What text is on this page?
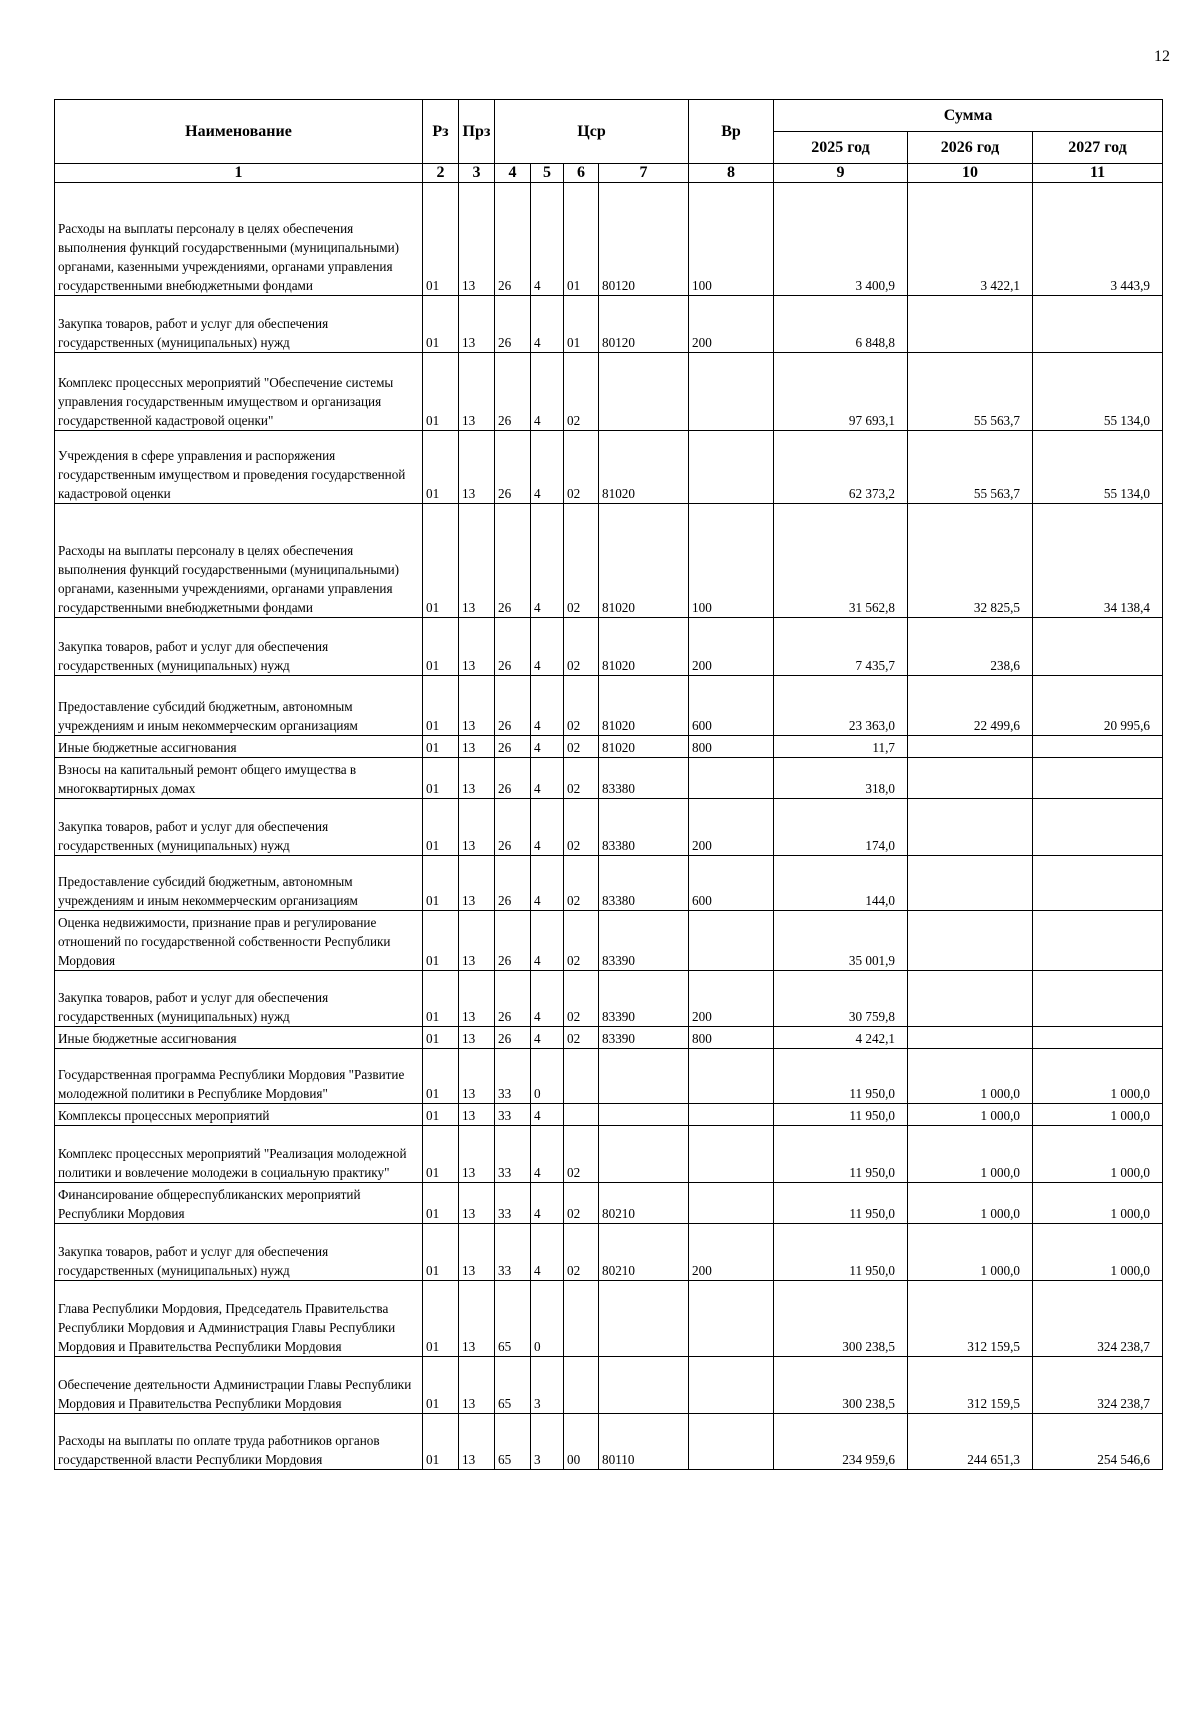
12
Наименование	Рз	Прз	Цср				Вр	Сумма		
								2025 год	2026 год	2027 год
1	2	3	4	5	6	7	8	9	10	11
Расходы на выплаты персоналу в целях обеспечения выполнения функций государственными (муниципальными) органами, казенными учреждениями, органами управления государственными внебюджетными фондами	01	13	26	4	01	80120	100	3 400,9	3 422,1	3 443,9
Закупка товаров, работ и услуг для обеспечения государственных (муниципальных) нужд	01	13	26	4	01	80120	200	6 848,8		
Комплекс процессных мероприятий "Обеспечение системы управления государственным имуществом и организация государственной кадастровой оценки"	01	13	26	4	02			97 693,1	55 563,7	55 134,0
Учреждения в сфере управления и распоряжения государственным имуществом и проведения государственной кадастровой оценки	01	13	26	4	02	81020		62 373,2	55 563,7	55 134,0
Расходы на выплаты персоналу в целях обеспечения выполнения функций государственными (муниципальными) органами, казенными учреждениями, органами управления государственными внебюджетными фондами	01	13	26	4	02	81020	100	31 562,8	32 825,5	34 138,4
Закупка товаров, работ и услуг для обеспечения государственных (муниципальных) нужд	01	13	26	4	02	81020	200	7 435,7	238,6	
Предоставление субсидий бюджетным, автономным учреждениям и иным некоммерческим организациям	01	13	26	4	02	81020	600	23 363,0	22 499,6	20 995,6
Иные бюджетные ассигнования	01	13	26	4	02	81020	800	11,7		
Взносы на капитальный ремонт общего имущества в многоквартирных домах	01	13	26	4	02	83380		318,0		
Закупка товаров, работ и услуг для обеспечения государственных (муниципальных) нужд	01	13	26	4	02	83380	200	174,0		
Предоставление субсидий бюджетным, автономным учреждениям и иным некоммерческим организациям	01	13	26	4	02	83380	600	144,0		
Оценка недвижимости, признание прав и регулирование отношений по государственной собственности Республики Мордовия	01	13	26	4	02	83390		35 001,9		
Закупка товаров, работ и услуг для обеспечения государственных (муниципальных) нужд	01	13	26	4	02	83390	200	30 759,8		
Иные бюджетные ассигнования	01	13	26	4	02	83390	800	4 242,1		
Государственная программа Республики Мордовия "Развитие молодежной политики в Республике Мордовия"	01	13	33	0				11 950,0	1 000,0	1 000,0
Комплексы процессных мероприятий	01	13	33	4				11 950,0	1 000,0	1 000,0
Комплекс процессных мероприятий "Реализация молодежной политики и вовлечение молодежи в социальную практику"	01	13	33	4	02			11 950,0	1 000,0	1 000,0
Финансирование общереспубликанских мероприятий Республики Мордовия	01	13	33	4	02	80210		11 950,0	1 000,0	1 000,0
Закупка товаров, работ и услуг для обеспечения государственных (муниципальных) нужд	01	13	33	4	02	80210	200	11 950,0	1 000,0	1 000,0
Глава Республики Мордовия, Председатель Правительства Республики Мордовия и Администрация Главы Республики Мордовия и Правительства Республики Мордовия	01	13	65	0				300 238,5	312 159,5	324 238,7
Обеспечение деятельности Администрации Главы Республики Мордовия и Правительства Республики Мордовия	01	13	65	3				300 238,5	312 159,5	324 238,7
Расходы на выплаты по оплате труда работников органов государственной власти Республики Мордовия	01	13	65	3	00	80110		234 959,6	244 651,3	254 546,6
